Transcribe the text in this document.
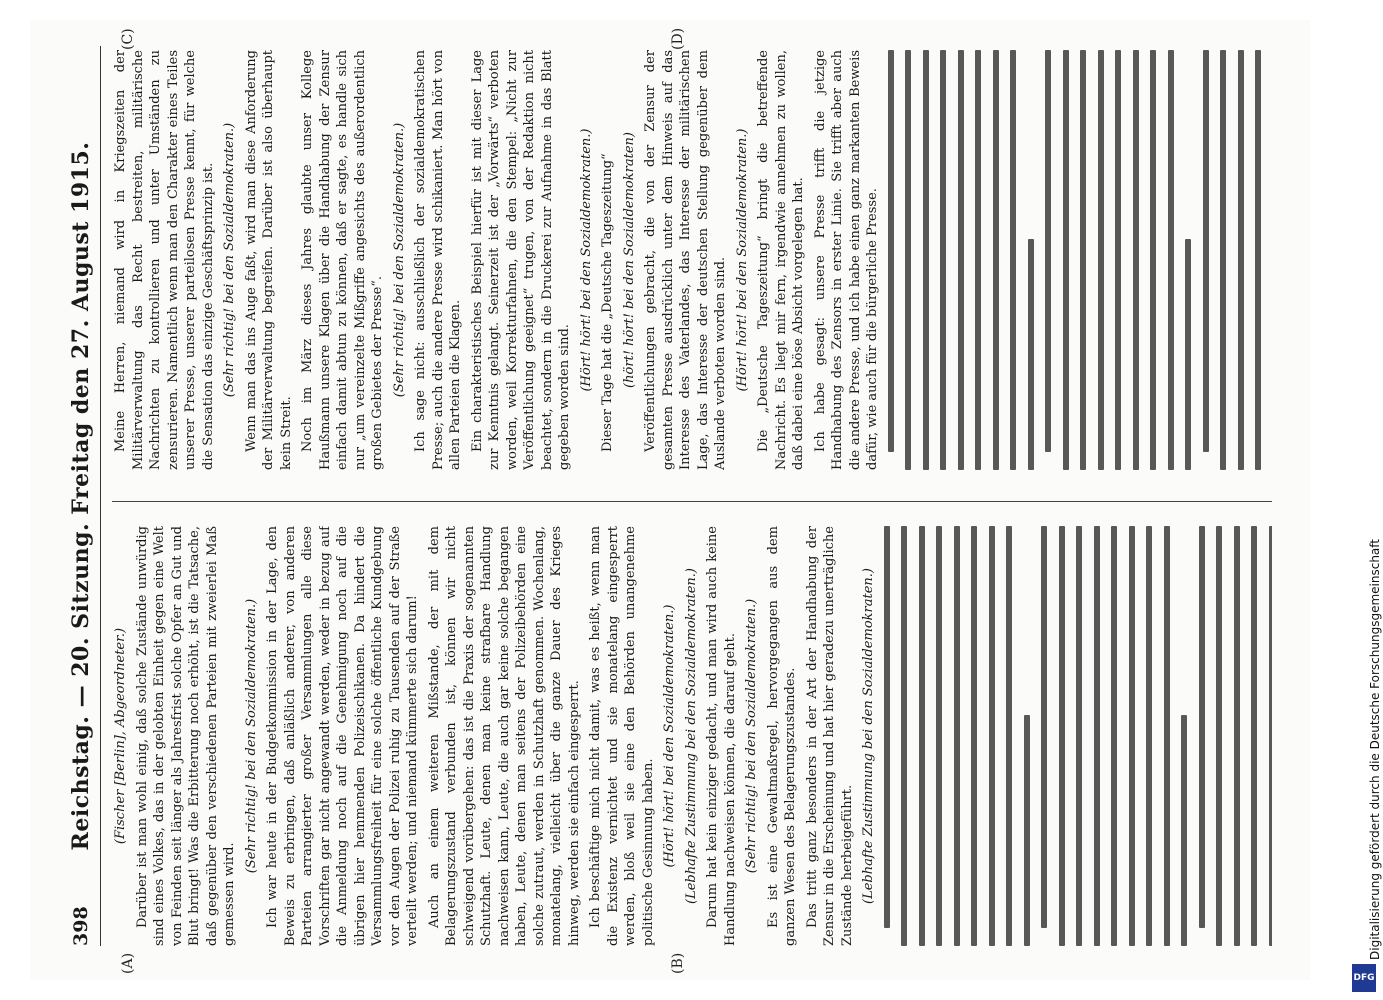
398
Reichstag. — 20. Sitzung. Freitag den 27. August 1915.
(A)	(B)
(C)	(D)

(Fischer [Berlin], Abgeordneter.) Darüber ist man wohl einig, daß solche Zustände unwürdig sind eines Volkes, das in der gelobten Einheit gegen eine Welt von Feinden seit länger als Jahresfrist solche Opfer an Gut und Blut bringt! Was die Erbitterung noch erhöht, ist die Tatsache, daß gegenüber den verschiedenen Parteien mit zweierlei Maß gemessen wird.

(Sehr richtig! bei den Sozialdemokraten.) Ich war heute in der Budgetkommission in der Lage, den Beweis zu erbringen, daß anläßlich anderer, von anderen Parteien arrangierter großer Versammlungen alle diese Vorschriften gar nicht angewandt werden, weder in bezug auf die Anmeldung noch auf die Genehmigung noch auf die übrigen hier hemmenden Polizeischikanen. Da hindert die Versammlungsfreiheit für eine solche öffentliche Kundgebung vor den Augen der Polizei ruhig zu Tausenden auf der Straße verteilt werden; und niemand kümmerte sich darum! Auch an einem weiteren Mißstande, der mit dem Belagerungszustand verbunden ist, können wir nicht schweigend vorübergehen: das ist die Praxis der sogenannten Schutzhaft. Leute, denen man keine strafbare Handlung nachweisen kann, Leute, die auch gar keine solche begangen haben, Leute, denen man seitens der Polizeibehörden eine solche zutraut, werden in Schutzhaft genommen. Wochenlang, monatelang, vielleicht über die ganze Dauer des Krieges hinweg, werden sie einfach eingesperrt. Ich beschäftige mich nicht damit, was es heißt, wenn man die Existenz vernichtet und sie monatelang eingesperrt werden, bloß weil sie eine den Behörden unangenehme politische Gesinnung haben. (Hört! hört! bei den Sozialdemokraten.) (Lebhafte Zustimmung bei den Sozialdemokraten.) Darum hat kein einziger gedacht, und man wird auch keine Handlung nachweisen können, die darauf geht. (Sehr richtig! bei den Sozialdemokraten.) Es ist eine Gewaltmaßregel, hervorgegangen aus dem ganzen Wesen des Belagerungszustandes. Das tritt ganz besonders in der Art der Handhabung der Zensur in die Erscheinung und hat hier geradezu unerträgliche Zustände herbeigeführt. (Lebhafte Zustimmung bei den Sozialdemokraten.)

Meine Herren, niemand wird in Kriegszeiten der Militärverwaltung das Recht bestreiten, militärische Nachrichten zu kontrollieren und unter Umständen zu zensurieren. Namentlich wenn man den Charakter eines Teiles unserer Presse, unserer parteilosen Presse kennt, für welche die Sensation das einzige Geschäftsprinzip ist. (Sehr richtig! bei den Sozialdemokraten.) Wenn man das ins Auge faßt, wird man diese Anforderung der Militärverwaltung begreifen. Darüber ist also überhaupt kein Streit. Noch im März dieses Jahres glaubte unser Kollege Haußmann unsere Klagen über die Handhabung der Zensur einfach damit abtun zu können, daß er sagte, es handle sich nur „um vereinzelte Mißgriffe angesichts des außerordentlich großen Gebietes der Presse“. (Sehr richtig! bei den Sozialdemokraten.) Ich sage nicht: ausschließlich der sozialdemokratischen Presse; auch die andere Presse wird schikaniert. Man hört von allen Parteien die Klagen. Ein charakteristisches Beispiel hierfür ist mit dieser Lage zur Kenntnis gelangt. Seinerzeit ist der „Vorwärts“ verboten worden, weil Korrekturfahnen, die den Stempel: „Nicht zur Veröffentlichung geeignet“ trugen, von der Redaktion nicht beachtet, sondern in die Druckerei zur Aufnahme in das Blatt gegeben worden sind.

(Hört! hört! bei den Sozialdemokraten.) Dieser Tage hat die „Deutsche Tageszeitung“ (hört! hört! bei den Sozialdemokraten) Veröffentlichungen gebracht, die von der Zensur der gesamten Presse ausdrücklich unter dem Hinweis auf das Interesse des Vaterlandes, das Interesse der militärischen Lage, das Interesse der deutschen Stellung gegenüber dem Auslande verboten worden sind. (Hört! hört! bei den Sozialdemokraten.) Die „Deutsche Tageszeitung“ bringt die betreffende Nachricht. Es liegt mir fern, irgendwie annehmen zu wollen, daß dabei eine böse Absicht vorgelegen hat. Ich habe gesagt: unsere Presse trifft die jetzige Handhabung des Zensors in erster Linie. Sie trifft aber auch die andere Presse, und ich habe einen ganz markanten Beweis dafür, wie auch für die bürgerliche Presse.

Digitalisierung gefördert durch die Deutsche Forschungsgemeinschaft
DFG
